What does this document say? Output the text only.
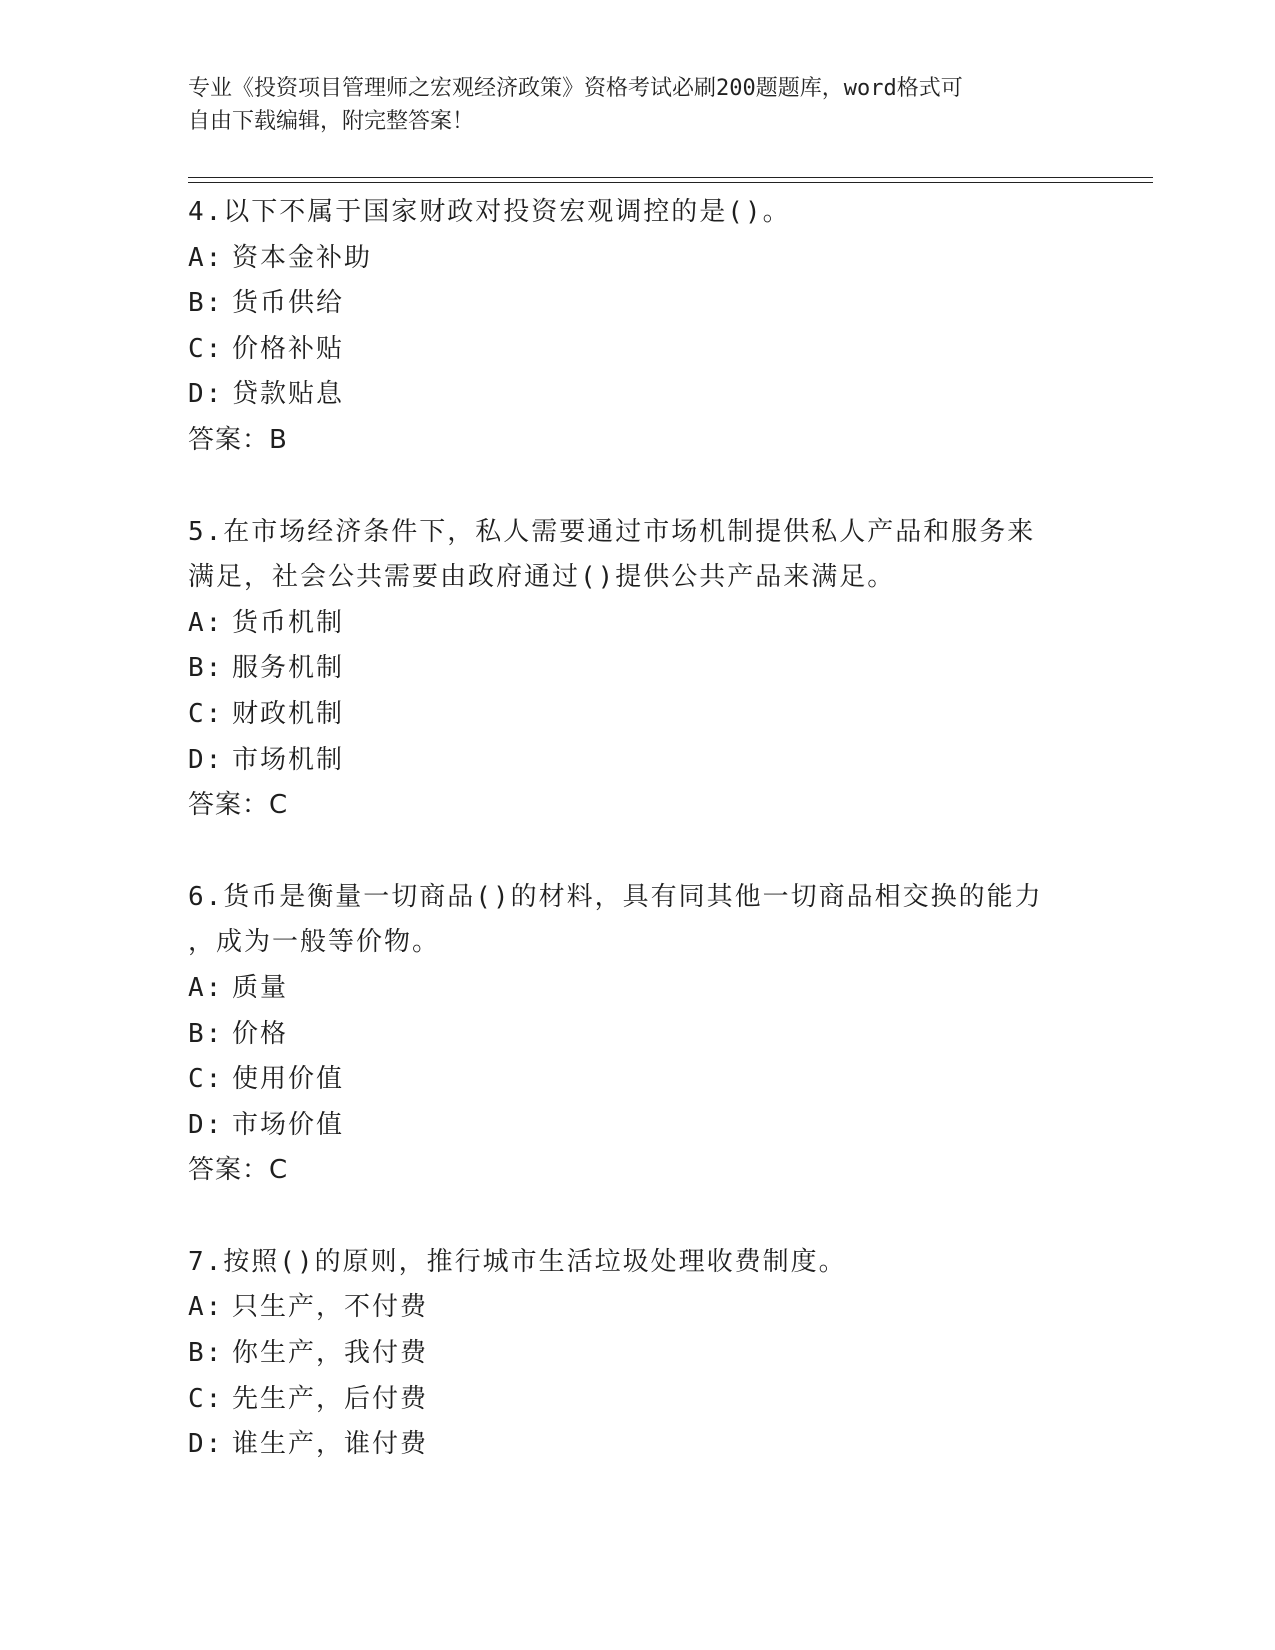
专业《投资项目管理师之宏观经济政策》资格考试必刷200题题库，word格式可
自由下载编辑，附完整答案！
4.以下不属于国家财政对投资宏观调控的是()。
A: 资本金补助
B: 货币供给
C: 价格补贴
D: 贷款贴息
答案：B
5.在市场经济条件下，私人需要通过市场机制提供私人产品和服务来
满足，社会公共需要由政府通过()提供公共产品来满足。
A: 货币机制
B: 服务机制
C: 财政机制
D: 市场机制
答案：C
6.货币是衡量一切商品()的材料，具有同其他一切商品相交换的能力
，成为一般等价物。
A: 质量
B: 价格
C: 使用价值
D: 市场价值
答案：C
7.按照()的原则，推行城市生活垃圾处理收费制度。
A: 只生产，不付费
B: 你生产，我付费
C: 先生产，后付费
D: 谁生产，谁付费
